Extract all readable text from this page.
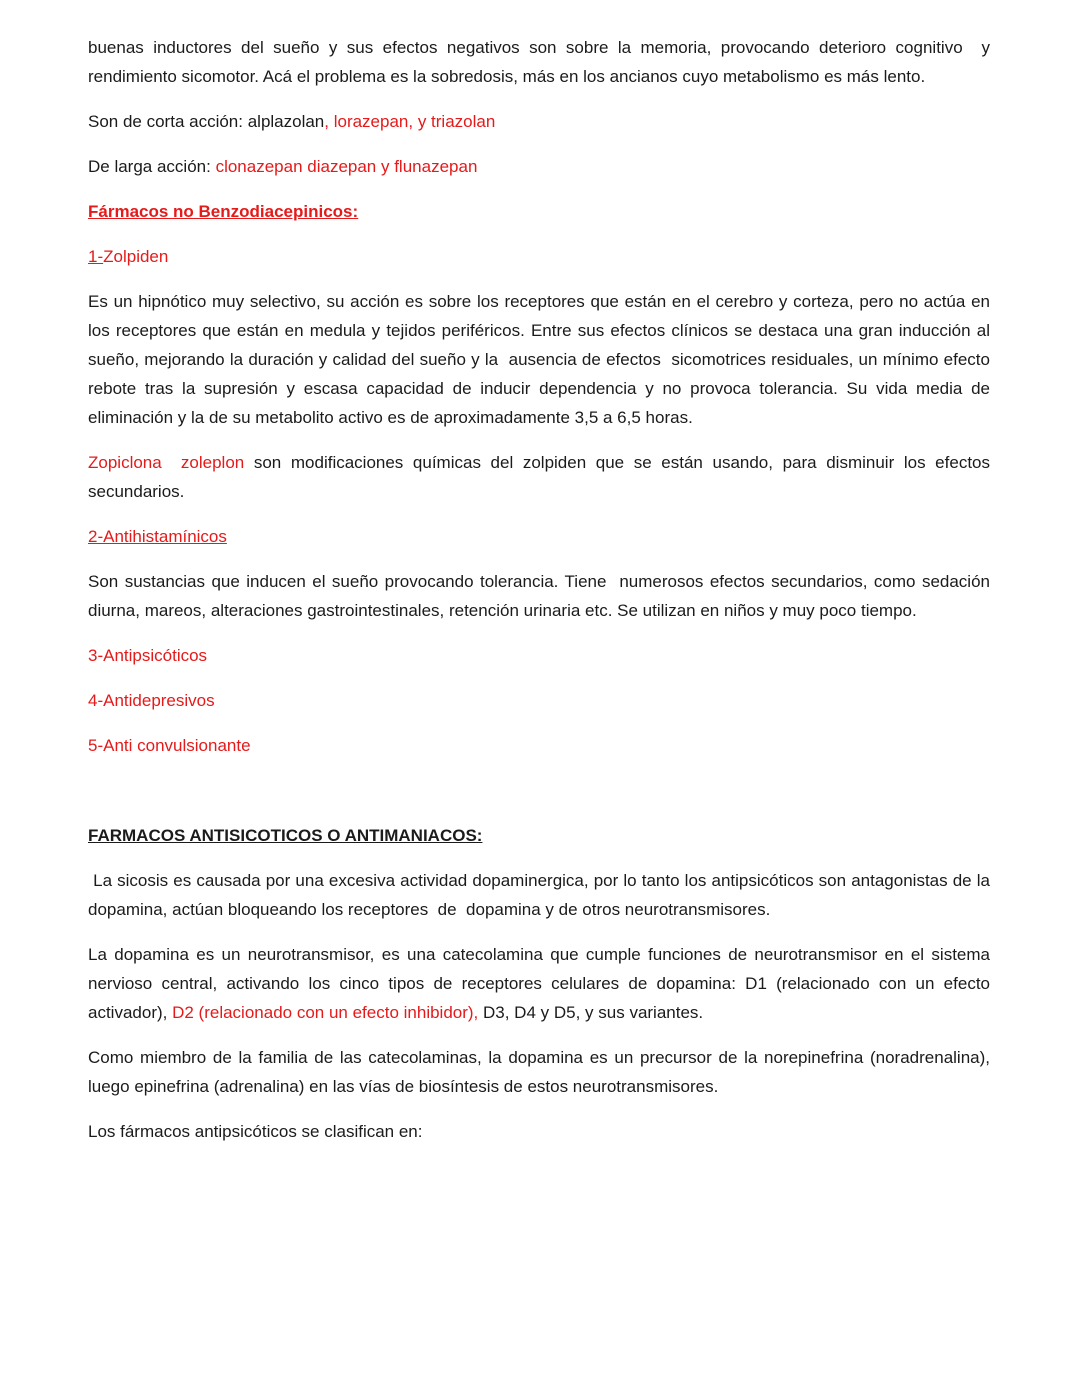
buenas inductores del sueño y sus efectos negativos son sobre la memoria, provocando deterioro cognitivo  y rendimiento sicomotor. Acá el problema es la sobredosis, más en los ancianos cuyo metabolismo es más lento.

Son de corta acción: alplazolan, lorazepan, y triazolan

De larga acción: clonazepan diazepan y flunazepan

Fármacos no Benzodiacepinicos:

1-Zolpiden

Es un hipnótico muy selectivo, su acción es sobre los receptores que están en el cerebro y corteza, pero no actúa en los receptores que están en medula y tejidos periféricos. Entre sus efectos clínicos se destaca una gran inducción al sueño, mejorando la duración y calidad del sueño y la  ausencia de efectos  sicomotrices residuales, un mínimo efecto rebote tras la supresión y escasa capacidad de inducir dependencia y no provoca tolerancia. Su vida media de eliminación y la de su metabolito activo es de aproximadamente 3,5 a 6,5 horas.

Zopiclona  zoleplon son modificaciones químicas del zolpiden que se están usando, para disminuir los efectos secundarios.

2-Antihistamínicos

Son sustancias que inducen el sueño provocando tolerancia. Tiene  numerosos efectos secundarios, como sedación diurna, mareos, alteraciones gastrointestinales, retención urinaria etc. Se utilizan en niños y muy poco tiempo.

3-Antipsicóticos

4-Antidepresivos

5-Anti convulsionante

FARMACOS ANTISICOTICOS O ANTIMANIACOS:

La sicosis es causada por una excesiva actividad dopaminergica, por lo tanto los antipsicóticos son antagonistas de la dopamina, actúan bloqueando los receptores  de  dopamina y de otros neurotransmisores.

La dopamina es un neurotransmisor, es una catecolamina que cumple funciones de neurotransmisor en el sistema nervioso central, activando los cinco tipos de receptores celulares de dopamina: D1 (relacionado con un efecto activador), D2 (relacionado con un efecto inhibidor), D3, D4 y D5, y sus variantes.

Como miembro de la familia de las catecolaminas, la dopamina es un precursor de la norepinefrina (noradrenalina), luego epinefrina (adrenalina) en las vías de biosíntesis de estos neurotransmisores.

Los fármacos antipsicóticos se clasifican en:
